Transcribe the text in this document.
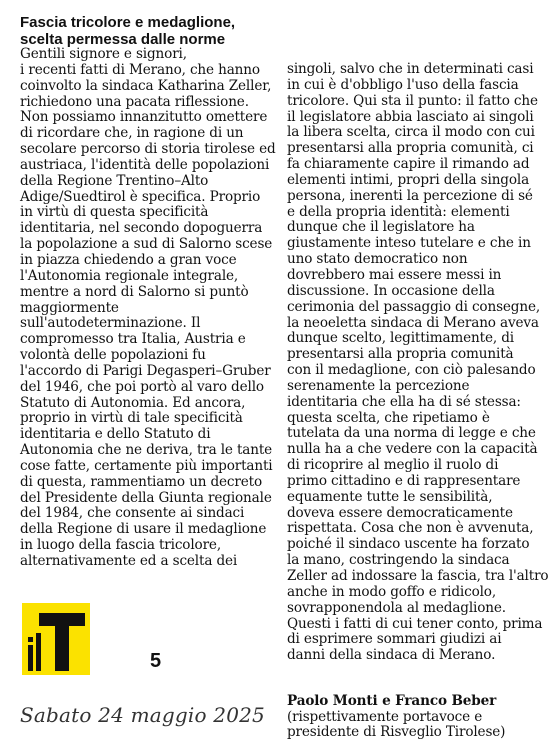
Fascia tricolore e medaglione,
scelta permessa dalle norme
Gentili signore e signori,
i recenti fatti di Merano, che hanno
coinvolto la sindaca Katharina Zeller,
richiedono una pacata riflessione.
Non possiamo innanzitutto omettere
di ricordare che, in ragione di un
secolare percorso di storia tirolese ed
austriaca, l'identità delle popolazioni
della Regione Trentino–Alto
Adige/Suedtirol è specifica. Proprio
in virtù di questa specificità
identitaria, nel secondo dopoguerra
la popolazione a sud di Salorno scese
in piazza chiedendo a gran voce
l'Autonomia regionale integrale,
mentre a nord di Salorno si puntò
maggiormente
sull'autodeterminazione. Il
compromesso tra Italia, Austria e
volontà delle popolazioni fu
l'accordo di Parigi Degasperi–Gruber
del 1946, che poi portò al varo dello
Statuto di Autonomia. Ed ancora,
proprio in virtù di tale specificità
identitaria e dello Statuto di
Autonomia che ne deriva, tra le tante
cose fatte, certamente più importanti
di questa, rammentiamo un decreto
del Presidente della Giunta regionale
del 1984, che consente ai sindaci
della Regione di usare il medaglione
in luogo della fascia tricolore,
alternativamente ed a scelta dei
singoli, salvo che in determinati casi
in cui è d'obbligo l'uso della fascia
tricolore. Qui sta il punto: il fatto che
il legislatore abbia lasciato ai singoli
la libera scelta, circa il modo con cui
presentarsi alla propria comunità, ci
fa chiaramente capire il rimando ad
elementi intimi, propri della singola
persona, inerenti la percezione di sé
e della propria identità: elementi
dunque che il legislatore ha
giustamente inteso tutelare e che in
uno stato democratico non
dovrebbero mai essere messi in
discussione. In occasione della
cerimonia del passaggio di consegne,
la neoeletta sindaca di Merano aveva
dunque scelto, legittimamente, di
presentarsi alla propria comunità
con il medaglione, con ciò palesando
serenamente la percezione
identitaria che ella ha di sé stessa:
questa scelta, che ripetiamo è
tutelata da una norma di legge e che
nulla ha a che vedere con la capacità
di ricoprire al meglio il ruolo di
primo cittadino e di rappresentare
equamente tutte le sensibilità,
doveva essere democraticamente
rispettata. Cosa che non è avvenuta,
poiché il sindaco uscente ha forzato
la mano, costringendo la sindaca
Zeller ad indossare la fascia, tra l'altro
anche in modo goffo e ridicolo,
sovrapponendola al medaglione.
Questi i fatti di cui tener conto, prima
di esprimere sommari giudizi ai
danni della sindaca di Merano.
Paolo Monti e Franco Beber
(rispettivamente portavoce e
presidente di Risveglio Tirolese)
5
Sabato 24 maggio 2025
